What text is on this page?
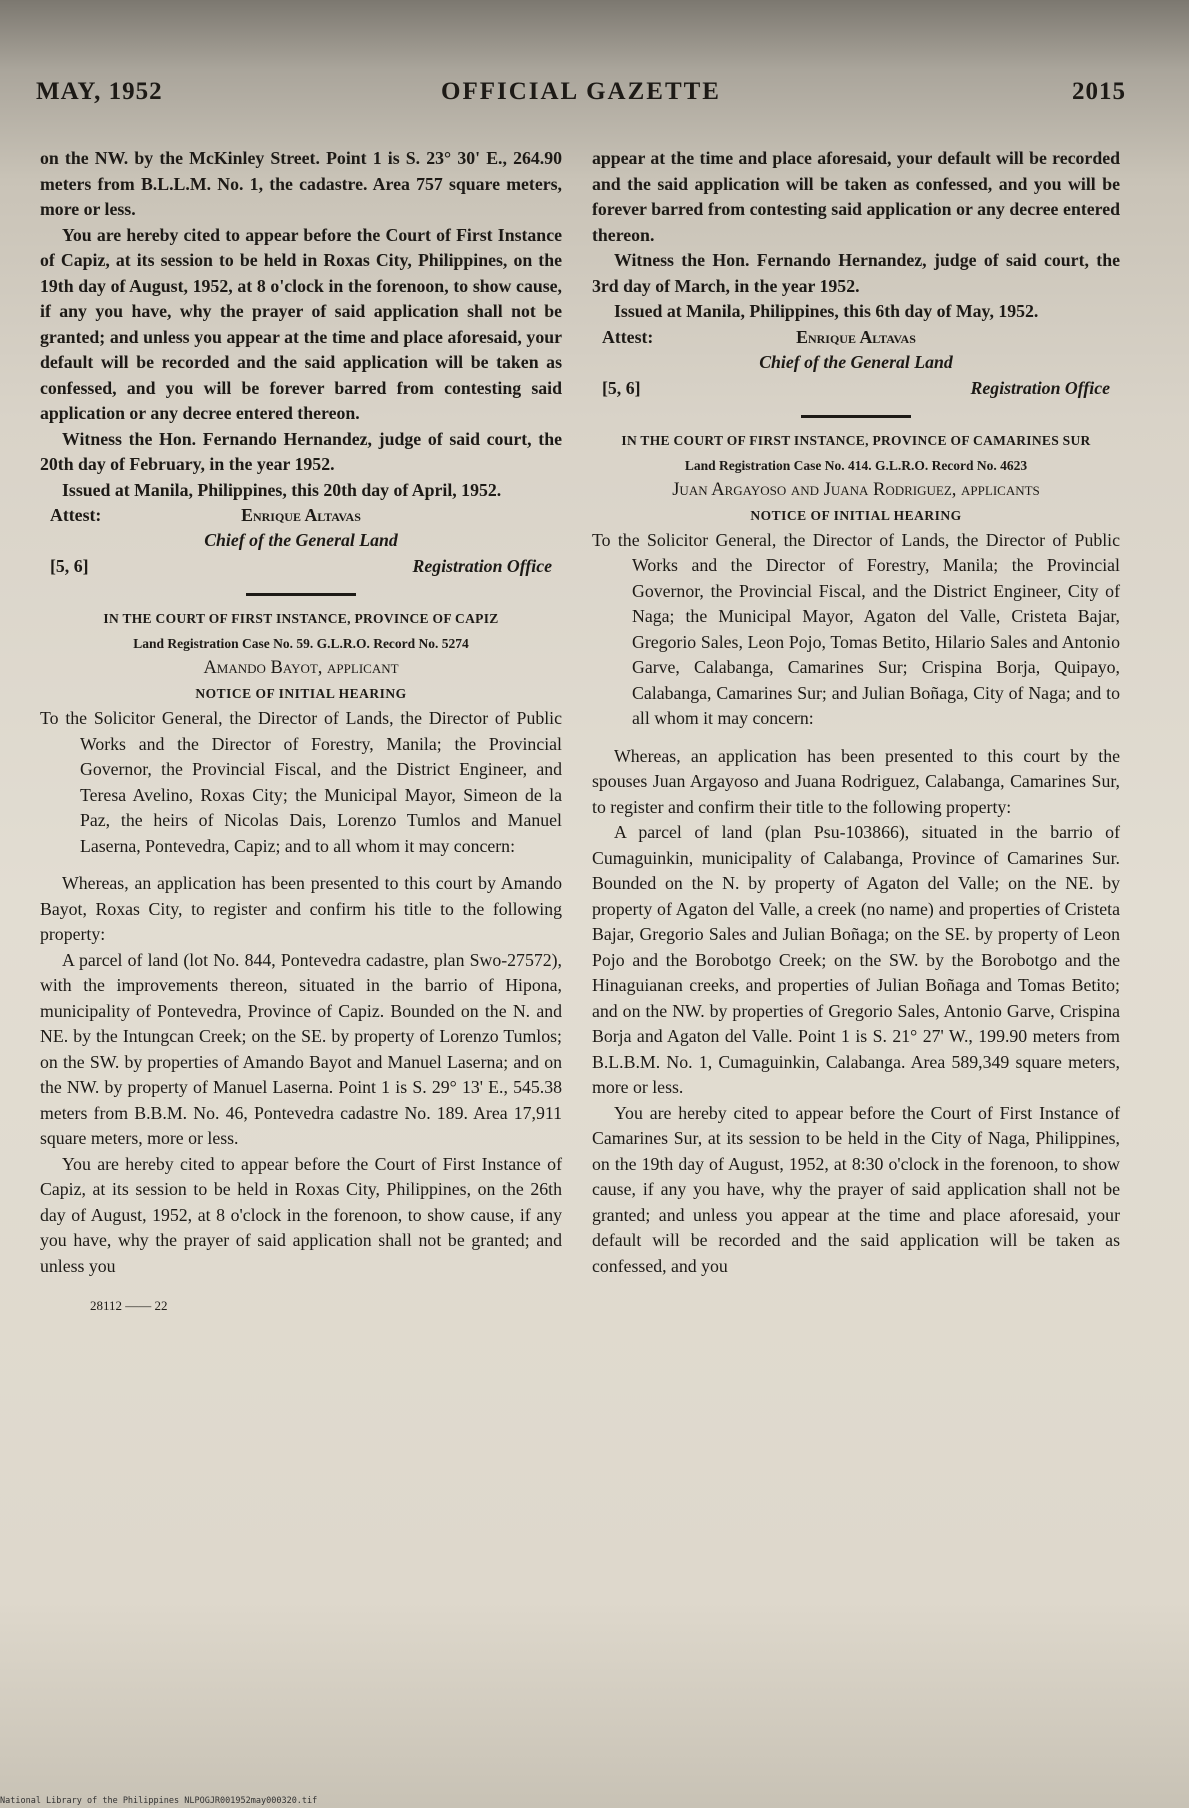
MAY, 1952	OFFICIAL GAZETTE	2015

on the NW. by the McKinley Street. Point 1 is S. 23° 30' E., 264.90 meters from B.L.L.M. No. 1, the cadastre. Area 757 square meters, more or less.

You are hereby cited to appear before the Court of First Instance of Capiz, at its session to be held in Roxas City, Philippines, on the 19th day of August, 1952, at 8 o'clock in the forenoon, to show cause, if any you have, why the prayer of said application shall not be granted; and unless you appear at the time and place aforesaid, your default will be recorded and the said application will be taken as confessed, and you will be forever barred from contesting said application or any decree entered thereon.

Witness the Hon. Fernando Hernandez, judge of said court, the 20th day of February, in the year 1952.

Issued at Manila, Philippines, this 20th day of April, 1952.

Attest:	Enrique Altavas
Chief of the General Land
[5, 6]	Registration Office
IN THE COURT OF FIRST INSTANCE, PROVINCE OF CAPIZ
Land Registration Case No. 59. G.L.R.O. Record No. 5274
Amando Bayot, applicant
NOTICE OF INITIAL HEARING

To the Solicitor General, the Director of Lands, the Director of Public Works and the Director of Forestry, Manila; the Provincial Governor, the Provincial Fiscal, and the District Engineer, and Teresa Avelino, Roxas City; the Municipal Mayor, Simeon de la Paz, the heirs of Nicolas Dais, Lorenzo Tumlos and Manuel Laserna, Pontevedra, Capiz; and to all whom it may concern:

Whereas, an application has been presented to this court by Amando Bayot, Roxas City, to register and confirm his title to the following property:

A parcel of land (lot No. 844, Pontevedra cadastre, plan Swo-27572), with the improvements thereon, situated in the barrio of Hipona, municipality of Pontevedra, Province of Capiz. Bounded on the N. and NE. by the Intungcan Creek; on the SE. by property of Lorenzo Tumlos; on the SW. by properties of Amando Bayot and Manuel Laserna; and on the NW. by property of Manuel Laserna. Point 1 is S. 29° 13' E., 545.38 meters from B.B.M. No. 46, Pontevedra cadastre No. 189. Area 17,911 square meters, more or less.

You are hereby cited to appear before the Court of First Instance of Capiz, at its session to be held in Roxas City, Philippines, on the 26th day of August, 1952, at 8 o'clock in the forenoon, to show cause, if any you have, why the prayer of said application shall not be granted; and unless you

28112 —— 22

appear at the time and place aforesaid, your default will be recorded and the said application will be taken as confessed, and you will be forever barred from contesting said application or any decree entered thereon.

Witness the Hon. Fernando Hernandez, judge of said court, the 3rd day of March, in the year 1952.

Issued at Manila, Philippines, this 6th day of May, 1952.

Attest:	Enrique Altavas
Chief of the General Land
[5, 6]	Registration Office
IN THE COURT OF FIRST INSTANCE, PROVINCE OF CAMARINES SUR
Land Registration Case No. 414. G.L.R.O. Record No. 4623
Juan Argayoso and Juana Rodriguez, applicants
NOTICE OF INITIAL HEARING

To the Solicitor General, the Director of Lands, the Director of Public Works and the Director of Forestry, Manila; the Provincial Governor, the Provincial Fiscal, and the District Engineer, City of Naga; the Municipal Mayor, Agaton del Valle, Cristeta Bajar, Gregorio Sales, Leon Pojo, Tomas Betito, Hilario Sales and Antonio Garve, Calabanga, Camarines Sur; Crispina Borja, Quipayo, Calabanga, Camarines Sur; and Julian Boñaga, City of Naga; and to all whom it may concern:

Whereas, an application has been presented to this court by the spouses Juan Argayoso and Juana Rodriguez, Calabanga, Camarines Sur, to register and confirm their title to the following property:

A parcel of land (plan Psu-103866), situated in the barrio of Cumaguinkin, municipality of Calabanga, Province of Camarines Sur. Bounded on the N. by property of Agaton del Valle; on the NE. by property of Agaton del Valle, a creek (no name) and properties of Cristeta Bajar, Gregorio Sales and Julian Boñaga; on the SE. by property of Leon Pojo and the Borobotgo Creek; on the SW. by the Borobotgo and the Hinaguianan creeks, and properties of Julian Boñaga and Tomas Betito; and on the NW. by properties of Gregorio Sales, Antonio Garve, Crispina Borja and Agaton del Valle. Point 1 is S. 21° 27' W., 199.90 meters from B.L.B.M. No. 1, Cumaguinkin, Calabanga. Area 589,349 square meters, more or less.

You are hereby cited to appear before the Court of First Instance of Camarines Sur, at its session to be held in the City of Naga, Philippines, on the 19th day of August, 1952, at 8:30 o'clock in the forenoon, to show cause, if any you have, why the prayer of said application shall not be granted; and unless you appear at the time and place aforesaid, your default will be recorded and the said application will be taken as confessed, and you

National Library of the Philippines NLPOGJR001952may000320.tif
